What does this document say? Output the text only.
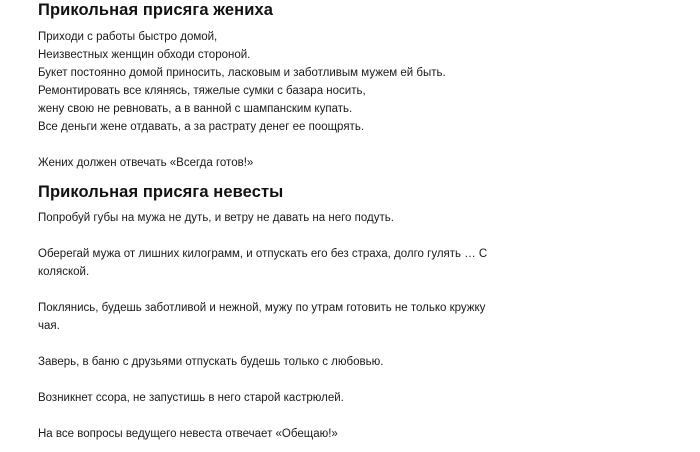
Прикольная присяга жениха
Приходи с работы быстро домой,
Неизвестных женщин обходи стороной.
Букет постоянно домой приносить, ласковым и заботливым мужем ей быть.
Ремонтировать все клянясь, тяжелые сумки с базара носить,
жену свою не ревновать, а в ванной с шампанским купать.
Все деньги жене отдавать, а за растрату денег ее поощрять.

Жених должен отвечать «Всегда готов!»

Прикольная присяга невесты
Попробуй губы на мужа не дуть, и ветру не давать на него подуть.
Оберегай мужа от лишних килограмм, и отпускать его без страха, долго гулять … С
коляской.
Поклянись, будешь заботливой и нежной, мужу по утрам готовить не только кружку
чая.
Заверь, в баню с друзьями отпускать будешь только с любовью.
Возникнет ссора, не запустишь в него старой кастрюлей.
На все вопросы ведущего невеста отвечает «Обещаю!»
